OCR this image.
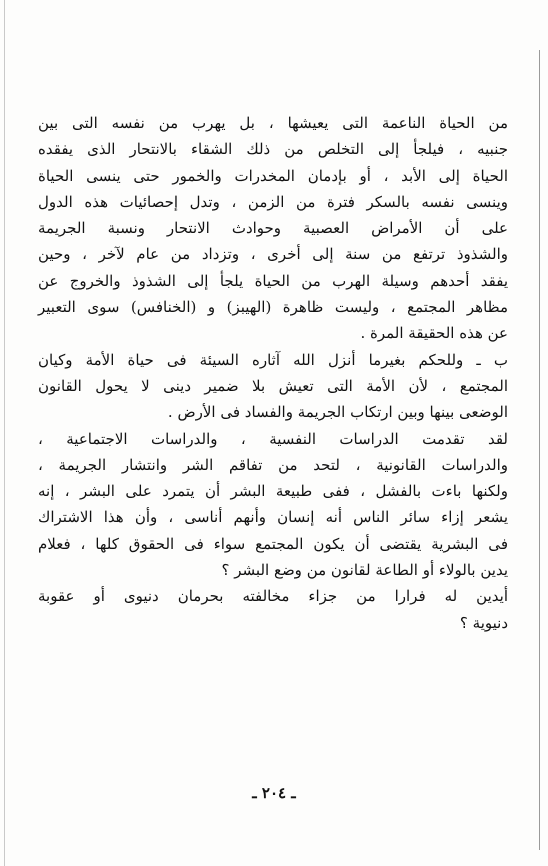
من الحياة الناعمة التى يعيشها ، بل يهرب من نفسه التى بين
جنبيه ، فيلجأ إلى التخلص من ذلك الشقاء بالانتحار الذى يفقده
الحياة إلى الأبد ، أو بإدمان المخدرات والخمور حتى ينسى الحياة
وينسى نفسه بالسكر فترة من الزمن ، وتدل إحصائيات هذه الدول
على أن الأمراض العصبية وحوادث الانتحار ونسبة الجريمة
والشذوذ ترتفع من سنة إلى أخرى ، وتزداد من عام لآخر ، وحين
يفقد أحدهم وسيلة الهرب من الحياة يلجأ إلى الشذوذ والخروج عن
مظاهر المجتمع ، وليست ظاهرة (الهيبز) و (الخنافس) سوى التعبير
عن هذه الحقيقة المرة .
ب ـ وللحكم بغيرما أنزل الله آثاره السيئة فى حياة الأمة وكيان
المجتمع ، لأن الأمة التى تعيش بلا ضمير دينى لا يحول القانون
الوضعى بينها وبين ارتكاب الجريمة والفساد فى الأرض .
لقد تقدمت الدراسات النفسية ، والدراسات الاجتماعية ،
والدراسات القانونية ، لتحد من تفاقم الشر وانتشار الجريمة ،
ولكنها باءت بالفشل ، ففى طبيعة البشر أن يتمرد على البشر ، إنه
يشعر إزاء سائر الناس أنه إنسان وأنهم أناسى ، وأن هذا الاشتراك
فى البشرية يقتضى أن يكون المجتمع سواء فى الحقوق كلها ، فعلام
يدين بالولاء أو الطاعة لقانون من وضع البشر ؟
أيدين له فرارا من جزاء مخالفته بحرمان دنيوى أو عقوبة
دنيوية ؟
ـ ٢٠٤ ـ
